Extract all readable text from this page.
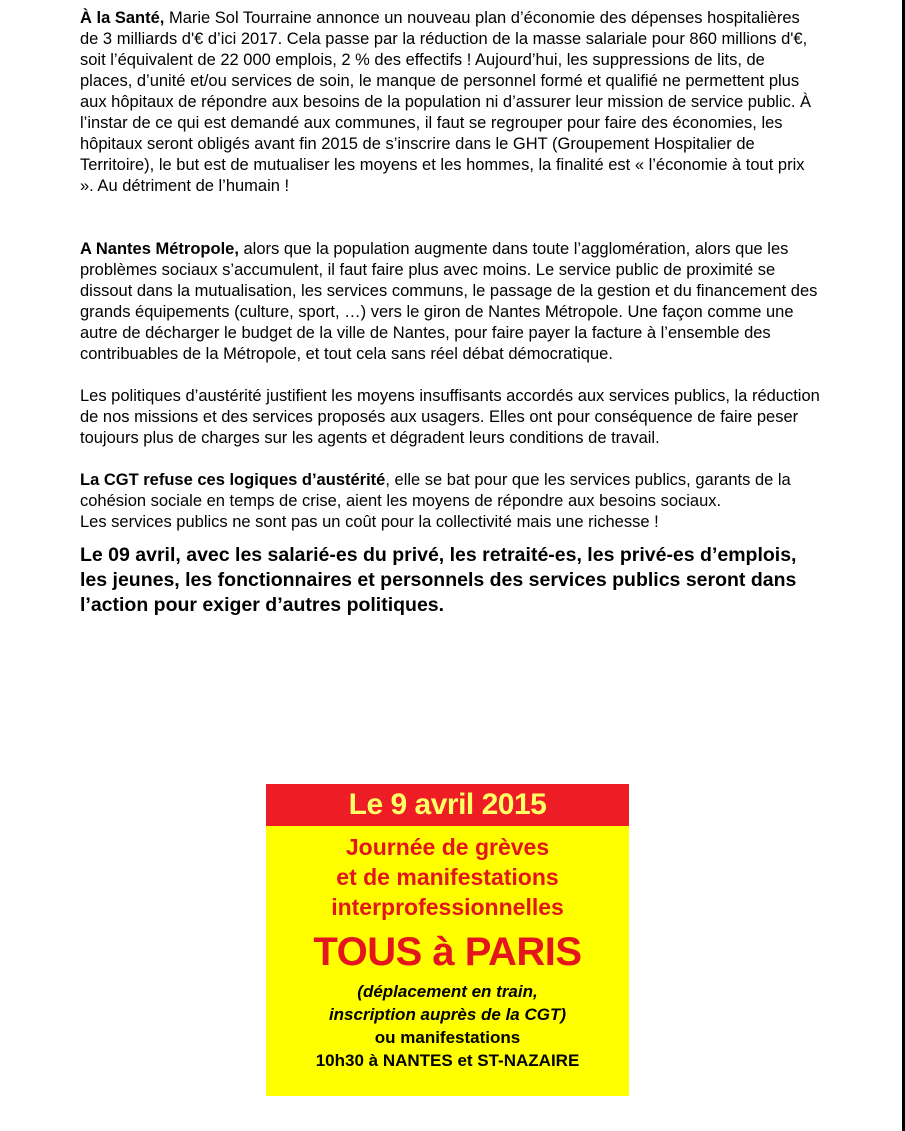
À la Santé, Marie Sol Tourraine annonce un nouveau plan d’économie des dépenses hospitalières de 3 milliards d'€ d’ici 2017. Cela passe par la réduction de la masse salariale pour 860 millions d'€, soit l’équivalent de 22 000 emplois, 2 % des effectifs ! Aujourd’hui, les suppressions de lits, de places, d’unité et/ou services de soin, le manque de personnel formé et qualifié ne permettent plus aux hôpitaux de répondre aux besoins de la population ni d’assurer leur mission de service public. À l’instar de ce qui est demandé aux communes, il faut se regrouper pour faire des économies, les hôpitaux seront obligés avant fin 2015 de s’inscrire dans le GHT (Groupement Hospitalier de Territoire), le but est de mutualiser les moyens et les hommes, la finalité est « l’économie à tout prix ». Au détriment de l’humain !

A Nantes Métropole, alors que la population augmente dans toute l’agglomération, alors que les problèmes sociaux s’accumulent, il faut faire plus avec moins. Le service public de proximité se dissout dans la mutualisation, les services communs, le passage de la gestion et du financement des grands équipements (culture, sport, …) vers le giron de Nantes Métropole. Une façon comme une autre de décharger le budget de la ville de Nantes, pour faire payer la facture à l’ensemble des contribuables de la Métropole, et tout cela sans réel débat démocratique.

Les politiques d’austérité justifient les moyens insuffisants accordés aux services publics, la réduction de nos missions et des services proposés aux usagers. Elles ont pour conséquence de faire peser toujours plus de charges sur les agents et dégradent leurs conditions de travail.

La CGT refuse ces logiques d’austérité, elle se bat pour que les services publics, garants de la cohésion sociale en temps de crise, aient les moyens de répondre aux besoins sociaux.
Les services publics ne sont pas un coût pour la collectivité mais une richesse !

Le 09 avril, avec les salarié-es du privé, les retraité-es, les privé-es d’emplois, les jeunes, les fonctionnaires et personnels des services publics seront dans l’action pour exiger d’autres politiques.

Le 9 avril 2015
Journée de grèves
et de manifestations
interprofessionnelles
TOUS à PARIS
(déplacement en train,
inscription auprès de la CGT)
ou manifestations
10h30 à NANTES et ST-NAZAIRE
